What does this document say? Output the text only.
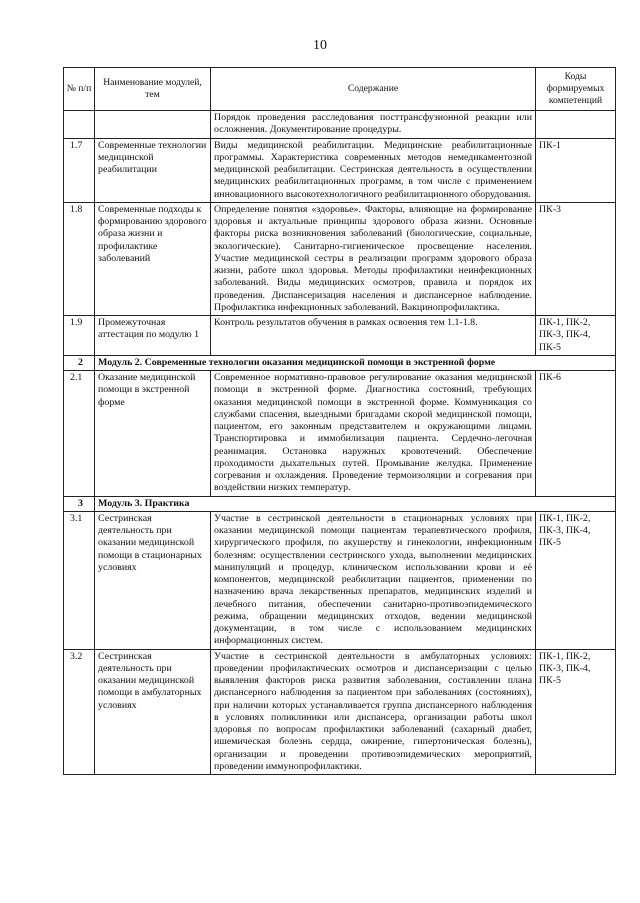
10
№ п/п	Наименование модулей, тем	Содержание	Коды формируемых компетенций
		Порядок проведения расследования посттрансфузионной реакции или осложнения. Документирование процедуры.	
1.7	Современные технологии медицинской реабилитации	Виды медицинской реабилитации. Медицинские реабилитационные программы. Характеристика современных методов немедикаментозной медицинской реабилитации. Сестринская деятельность в осуществлении медицинских реабилитационных программ, в том числе с применением инновационного высокотехнологичного реабилитационного оборудования.	ПК-1
1.8	Современные подходы к формированию здорового образа жизни и профилактике заболеваний	Определение понятия «здоровье». Факторы, влияющие на формирование здоровья и актуальные принципы здорового образа жизни. Основные факторы риска возникновения заболеваний (биологические, социальные, экологические). Санитарно-гигиеническое просвещение населения. Участие медицинской сестры в реализации программ здорового образа жизни, работе школ здоровья. Методы профилактики неинфекционных заболеваний. Виды медицинских осмотров, правила и порядок их проведения. Диспансеризация населения и диспансерное наблюдение. Профилактика инфекционных заболеваний. Вакцинопрофилактика.	ПК-3
1.9	Промежуточная аттестация по модулю 1	Контроль результатов обучения в рамках освоения тем 1.1-1.8.	ПК-1, ПК-2, ПК-3, ПК-4, ПК-5
2	Модуль 2. Современные технологии оказания медицинской помощи в экстренной форме		
2.1	Оказание медицинской помощи в экстренной форме	Современное нормативно-правовое регулирование оказания медицинской помощи в экстренной форме. Диагностика состояний, требующих оказания медицинской помощи в экстренной форме. Коммуникация со службами спасения, выездными бригадами скорой медицинской помощи, пациентом, его законным представителем и окружающими лицами. Транспортировка и иммобилизация пациента. Сердечно-легочная реанимация. Остановка наружных кровотечений. Обеспечение проходимости дыхательных путей. Промывание желудка. Применение согревания и охлаждения. Проведение термоизоляции и согревания при воздействии низких температур.	ПК-6
3	Модуль 3. Практика		
3.1	Сестринская деятельность при оказании медицинской помощи в стационарных условиях	Участие в сестринской деятельности в стационарных условиях при оказании медицинской помощи пациентам терапевтического профиля, хирургического профиля, по акушерству и гинекологии, инфекционным болезням: осуществлении сестринского ухода, выполнении медицинских манипуляций и процедур, клиническом использовании крови и её компонентов, медицинской реабилитации пациентов, применении по назначению врача лекарственных препаратов, медицинских изделий и лечебного питания, обеспечении санитарно-противоэпидемического режима, обращении медицинских отходов, ведении медицинской документации, в том числе с использованием медицинских информационных систем.	ПК-1, ПК-2, ПК-3, ПК-4, ПК-5
3.2	Сестринская деятельность при оказании медицинской помощи в амбулаторных условиях	Участие в сестринской деятельности в амбулаторных условиях: проведении профилактических осмотров и диспансеризации с целью выявления факторов риска развития заболевания, составлении плана диспансерного наблюдения за пациентом при заболеваниях (состояниях), при наличии которых устанавливается группа диспансерного наблюдения в условиях поликлиники или диспансера, организации работы школ здоровья по вопросам профилактики заболеваний (сахарный диабет, ишемическая болезнь сердца, ожирение, гипертоническая болезнь), организации и проведении противоэпидемических мероприятий, проведении иммунопрофилактики.	ПК-1, ПК-2, ПК-3, ПК-4, ПК-5
